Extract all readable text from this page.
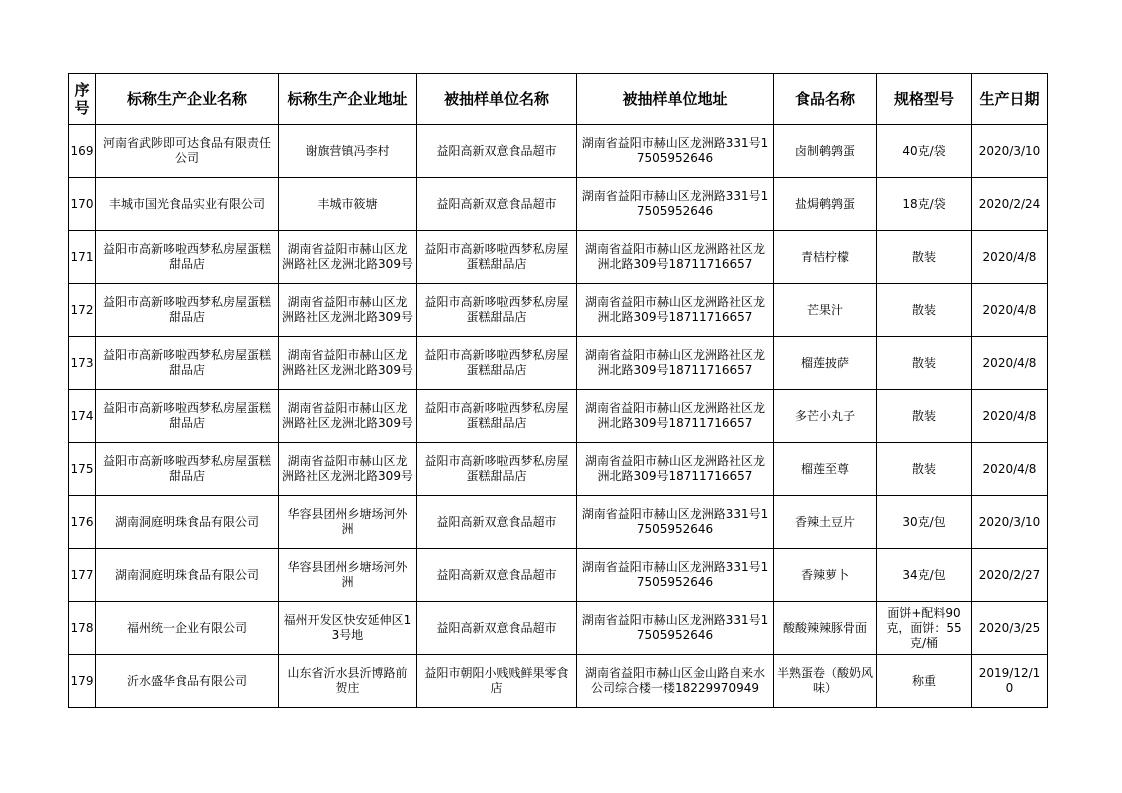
序号	标称生产企业名称	标称生产企业地址	被抽样单位名称	被抽样单位地址	食品名称	规格型号	生产日期
169	河南省武陟即可达食品有限责任公司	谢旗营镇冯李村	益阳高新双意食品超市	湖南省益阳市赫山区龙洲路331号17505952646	卤制鹌鹑蛋	40克/袋	2020/3/10
170	丰城市国光食品实业有限公司	丰城市筱塘	益阳高新双意食品超市	湖南省益阳市赫山区龙洲路331号17505952646	盐焗鹌鹑蛋	18克/袋	2020/2/24
171	益阳市高新哆啦西梦私房屋蛋糕甜品店	湖南省益阳市赫山区龙洲路社区龙洲北路309号	益阳市高新哆啦西梦私房屋蛋糕甜品店	湖南省益阳市赫山区龙洲路社区龙洲北路309号18711716657	青桔柠檬	散装	2020/4/8
172	益阳市高新哆啦西梦私房屋蛋糕甜品店	湖南省益阳市赫山区龙洲路社区龙洲北路309号	益阳市高新哆啦西梦私房屋蛋糕甜品店	湖南省益阳市赫山区龙洲路社区龙洲北路309号18711716657	芒果汁	散装	2020/4/8
173	益阳市高新哆啦西梦私房屋蛋糕甜品店	湖南省益阳市赫山区龙洲路社区龙洲北路309号	益阳市高新哆啦西梦私房屋蛋糕甜品店	湖南省益阳市赫山区龙洲路社区龙洲北路309号18711716657	榴莲披萨	散装	2020/4/8
174	益阳市高新哆啦西梦私房屋蛋糕甜品店	湖南省益阳市赫山区龙洲路社区龙洲北路309号	益阳市高新哆啦西梦私房屋蛋糕甜品店	湖南省益阳市赫山区龙洲路社区龙洲北路309号18711716657	多芒小丸子	散装	2020/4/8
175	益阳市高新哆啦西梦私房屋蛋糕甜品店	湖南省益阳市赫山区龙洲路社区龙洲北路309号	益阳市高新哆啦西梦私房屋蛋糕甜品店	湖南省益阳市赫山区龙洲路社区龙洲北路309号18711716657	榴莲至尊	散装	2020/4/8
176	湖南洞庭明珠食品有限公司	华容县团州乡塘场河外洲	益阳高新双意食品超市	湖南省益阳市赫山区龙洲路331号17505952646	香辣土豆片	30克/包	2020/3/10
177	湖南洞庭明珠食品有限公司	华容县团州乡塘场河外洲	益阳高新双意食品超市	湖南省益阳市赫山区龙洲路331号17505952646	香辣萝卜	34克/包	2020/2/27
178	福州统一企业有限公司	福州开发区快安延伸区13号地	益阳高新双意食品超市	湖南省益阳市赫山区龙洲路331号17505952646	酸酸辣辣豚骨面	面饼+配料90克，面饼：55克/桶	2020/3/25
179	沂水盛华食品有限公司	山东省沂水县沂博路前贺庄	益阳市朝阳小贱贱鲜果零食店	湖南省益阳市赫山区金山路自来水公司综合楼一楼18229970949	半熟蛋卷（酸奶风味）	称重	2019/12/10
